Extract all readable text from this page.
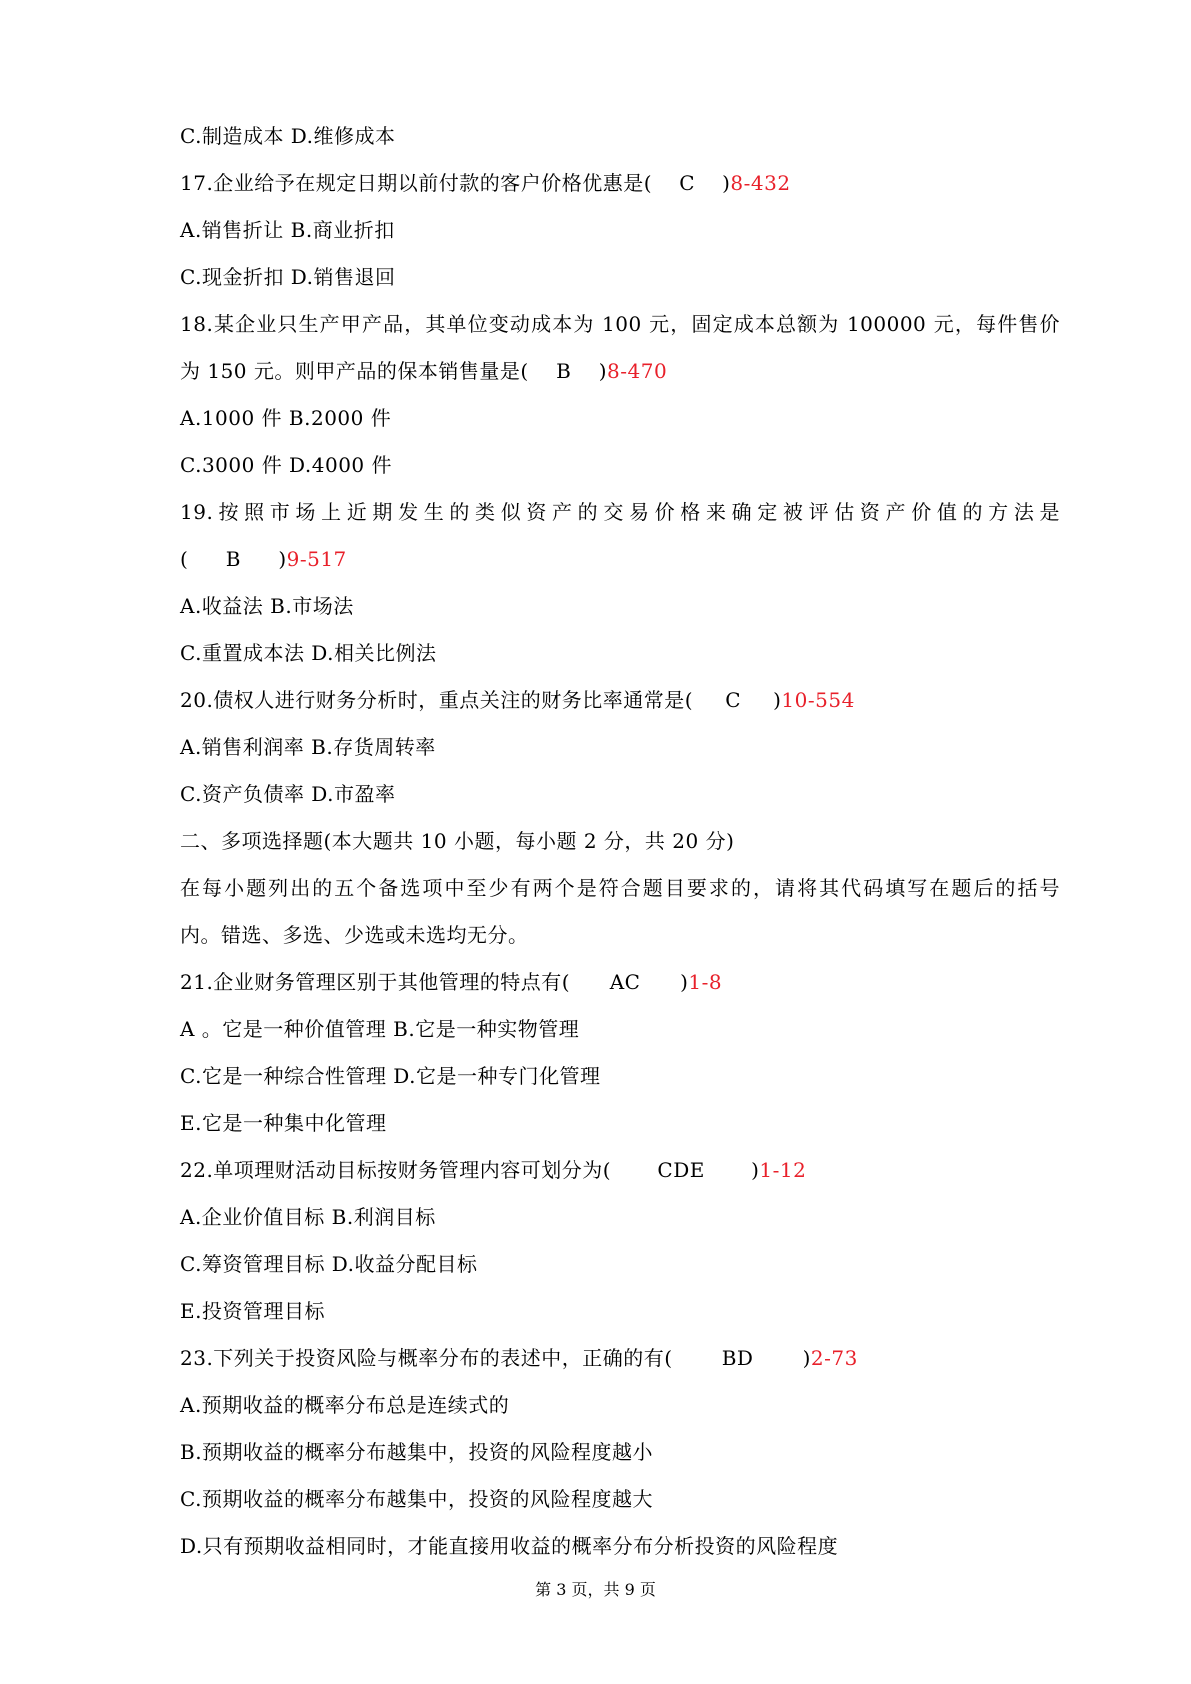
C.制造成本 D.维修成本
17.企业给予在规定日期以前付款的客户价格优惠是( C )8-432
A.销售折让 B.商业折扣
C.现金折扣 D.销售退回
18.某企业只生产甲产品，其单位变动成本为 100 元，固定成本总额为 100000 元，每件售价
为 150 元。则甲产品的保本销售量是( B )8-470
A.1000 件 B.2000 件
C.3000 件 D.4000 件
19.按照市场上近期发生的类似资产的交易价格来确定被评估资产价值的方法是
( B )9-517
A.收益法 B.市场法
C.重置成本法 D.相关比例法
20.债权人进行财务分析时，重点关注的财务比率通常是( C )10-554
A.销售利润率 B.存货周转率
C.资产负债率 D.市盈率
二、多项选择题(本大题共 10 小题，每小题 2 分，共 20 分)
在每小题列出的五个备选项中至少有两个是符合题目要求的，请将其代码填写在题后的括号
内。错选、多选、少选或未选均无分。
21.企业财务管理区别于其他管理的特点有( AC )1-8
A 。它是一种价值管理 B.它是一种实物管理
C.它是一种综合性管理 D.它是一种专门化管理
E.它是一种集中化管理
22.单项理财活动目标按财务管理内容可划分为( CDE )1-12
A.企业价值目标 B.利润目标
C.筹资管理目标 D.收益分配目标
E.投资管理目标
23.下列关于投资风险与概率分布的表述中，正确的有( BD )2-73
A.预期收益的概率分布总是连续式的
B.预期收益的概率分布越集中，投资的风险程度越小
C.预期收益的概率分布越集中，投资的风险程度越大
D.只有预期收益相同时，才能直接用收益的概率分布分析投资的风险程度
第 3 页，共 9 页
